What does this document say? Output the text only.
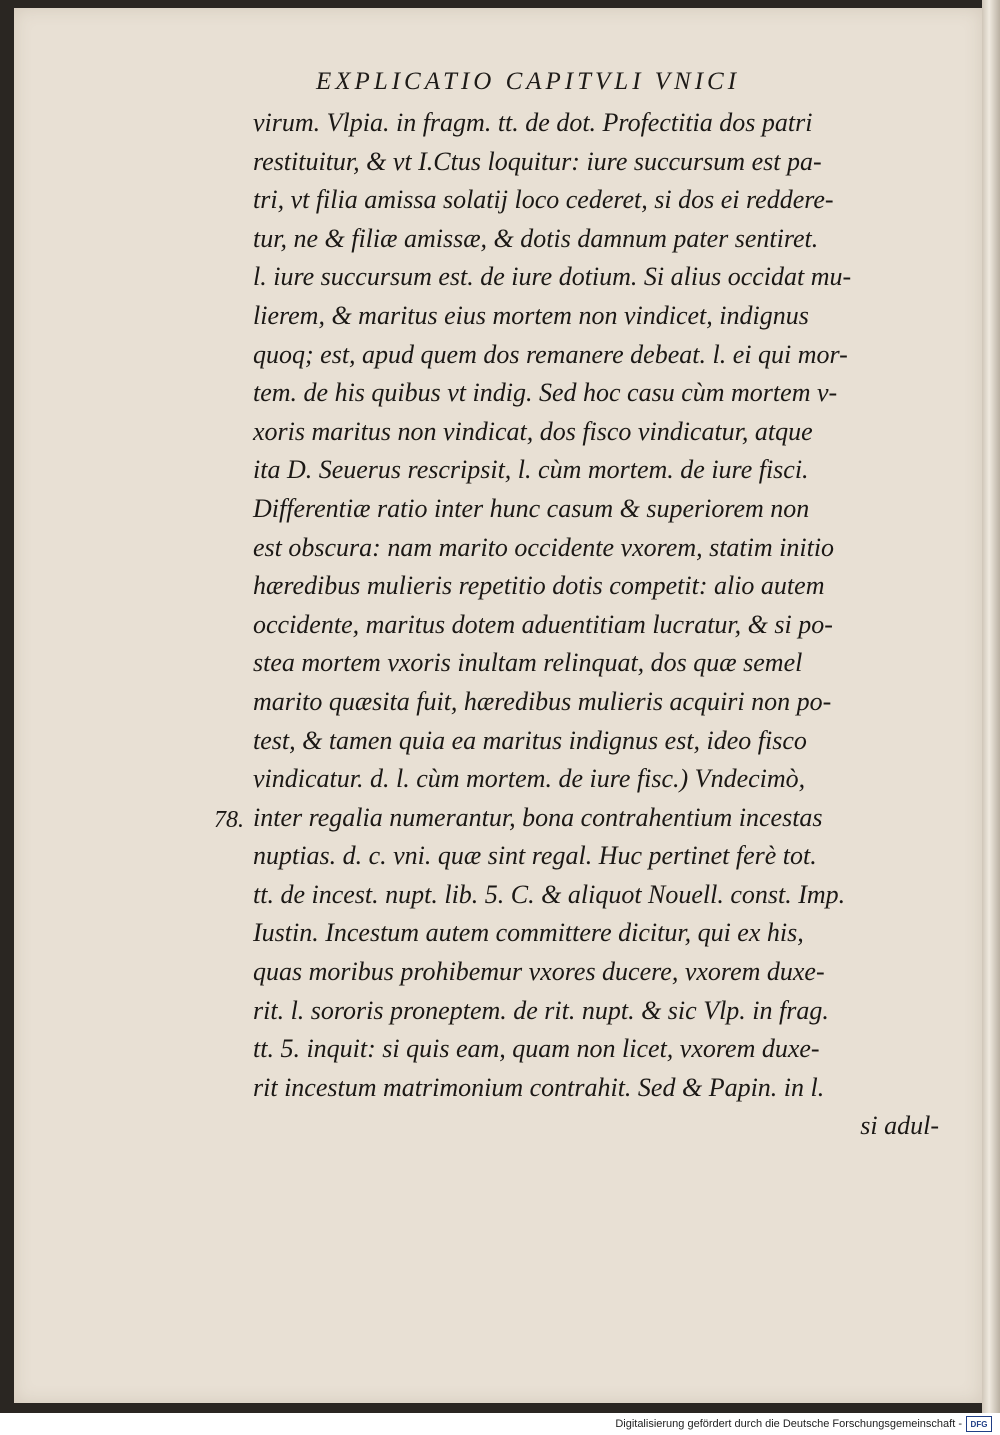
EXPLICATIO CAPITVLI VNICI
78.
virum. Vlpia. in fragm. tt. de dot. Profectitia dos patri
restituitur, & vt I.Ctus loquitur: iure succursum est pa-
tri, vt filia amissa solatij loco cederet, si dos ei reddere-
tur, ne & filiæ amissæ, & dotis damnum pater sentiret.
l. iure succursum est. de iure dotium. Si alius occidat mu-
lierem, & maritus eius mortem non vindicet, indignus
quoq; est, apud quem dos remanere debeat. l. ei qui mor-
tem. de his quibus vt indig. Sed hoc casu cùm mortem v-
xoris maritus non vindicat, dos fisco vindicatur, atque
ita D. Seuerus rescripsit, l. cùm mortem. de iure fisci.
Differentiæ ratio inter hunc casum & superiorem non
est obscura: nam marito occidente vxorem, statim initio
hæredibus mulieris repetitio dotis competit: alio autem
occidente, maritus dotem aduentitiam lucratur, & si po-
stea mortem vxoris inultam relinquat, dos quæ semel
marito quæsita fuit, hæredibus mulieris acquiri non po-
test, & tamen quia ea maritus indignus est, ideo fisco
vindicatur. d. l. cùm mortem. de iure fisc.) Vndecimò,
inter regalia numerantur, bona contrahentium incestas
nuptias. d. c. vni. quæ sint regal. Huc pertinet ferè tot.
tt. de incest. nupt. lib. 5. C. & aliquot Nouell. const. Imp.
Iustin. Incestum autem committere dicitur, qui ex his,
quas moribus prohibemur vxores ducere, vxorem duxe-
rit. l. sororis proneptem. de rit. nupt. & sic Vlp. in frag.
tt. 5. inquit: si quis eam, quam non licet, vxorem duxe-
rit incestum matrimonium contrahit. Sed & Papin. in l.
si adul-
Digitalisierung gefördert durch die Deutsche Forschungsgemeinschaft -	DFG
